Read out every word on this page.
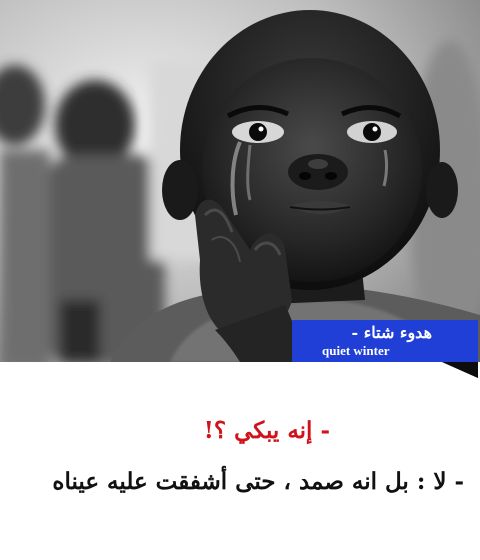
هدوء شتاء -
quiet winter
- إنه يبكي ؟!
- لا : بل انه صمد ، حتى أشفقت عليه عيناه
